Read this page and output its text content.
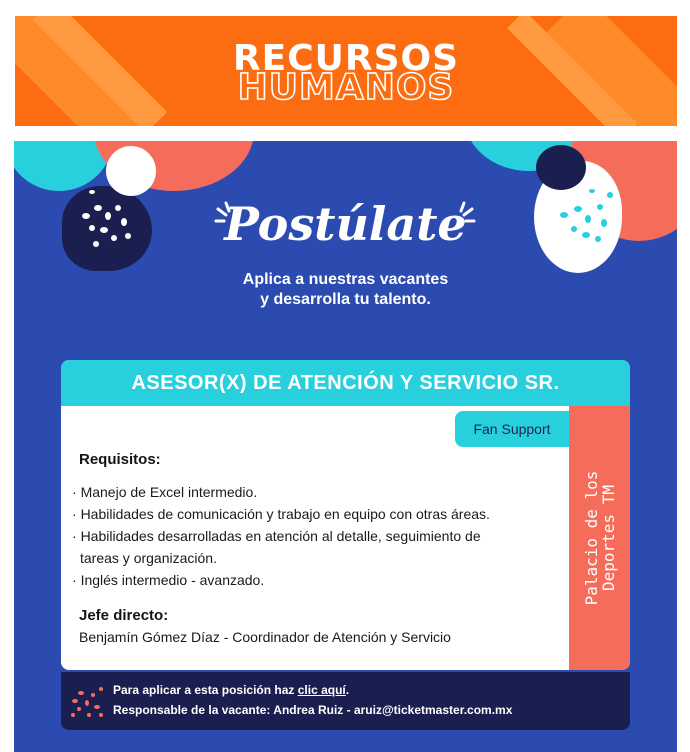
RECURSOS
HUMANOS
Postúlate
Aplica a nuestras vacantes
y desarrolla tu talento.
ASESOR(X) DE ATENCIÓN Y SERVICIO SR.
Palacio de los
Deportes TM
Fan Support
Requisitos:
· Manejo de Excel intermedio.
· Habilidades de comunicación y trabajo en equipo con otras áreas.
· Habilidades desarrolladas en atención al detalle, seguimiento de tareas y organización.
· Inglés intermedio - avanzado.
Jefe directo:
Benjamín Gómez Díaz - Coordinador de Atención y Servicio
Para aplicar a esta posición haz clic aquí.
Responsable de la vacante: Andrea Ruiz - aruiz@ticketmaster.com.mx
